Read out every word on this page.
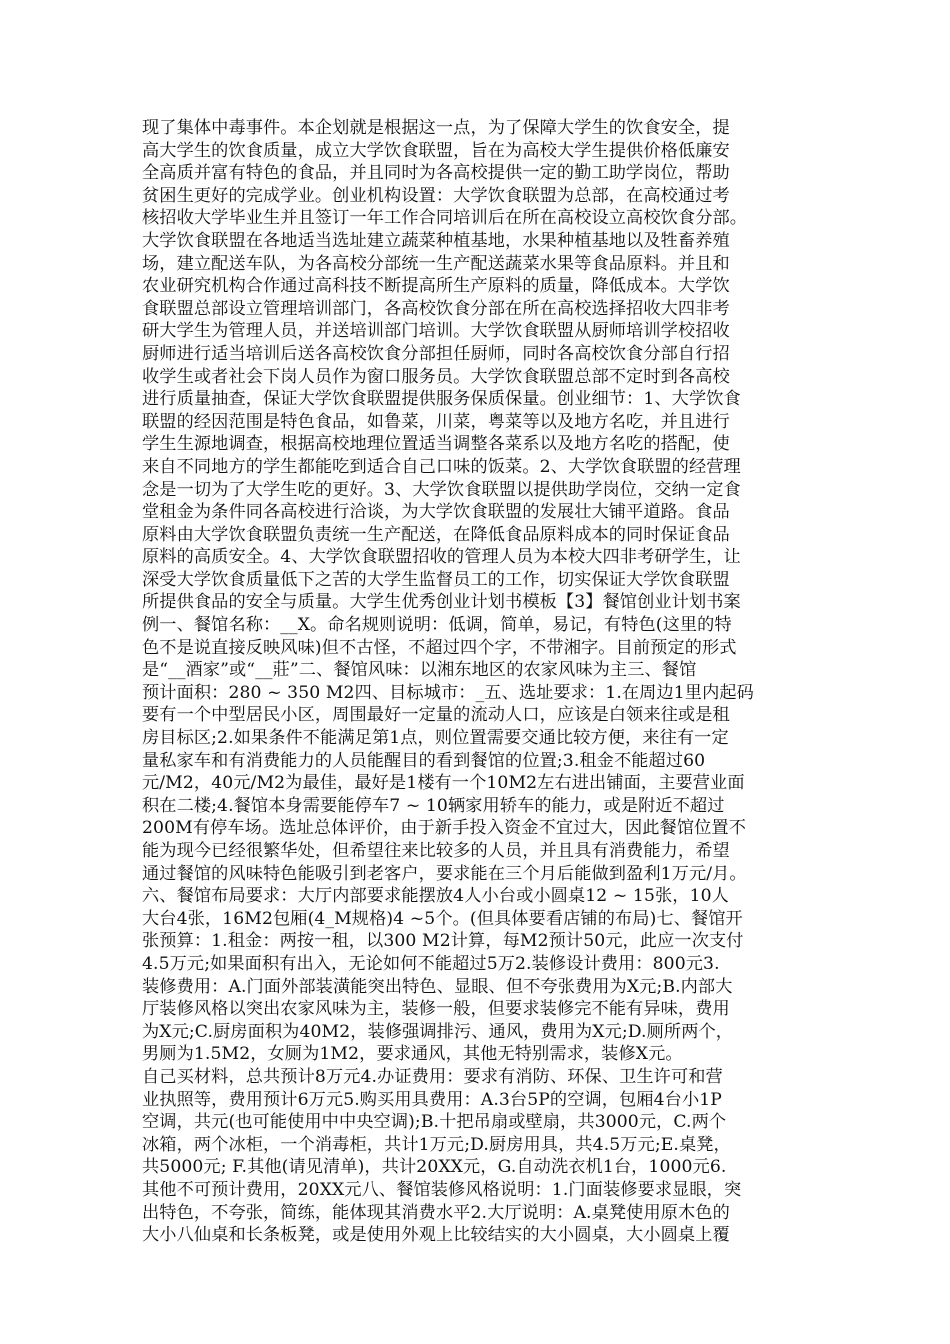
现了集体中毒事件。本企划就是根据这一点，为了保障大学生的饮食安全，提
高大学生的饮食质量，成立大学饮食联盟，旨在为高校大学生提供价格低廉安
全高质并富有特色的食品，并且同时为各高校提供一定的勤工助学岗位，帮助
贫困生更好的完成学业。创业机构设置：大学饮食联盟为总部，在高校通过考
核招收大学毕业生并且签订一年工作合同培训后在所在高校设立高校饮食分部。
大学饮食联盟在各地适当选址建立蔬菜种植基地，水果种植基地以及牲畜养殖
场，建立配送车队，为各高校分部统一生产配送蔬菜水果等食品原料。并且和
农业研究机构合作通过高科技不断提高所生产原料的质量，降低成本。大学饮
食联盟总部设立管理培训部门，各高校饮食分部在所在高校选择招收大四非考
研大学生为管理人员，并送培训部门培训。大学饮食联盟从厨师培训学校招收
厨师进行适当培训后送各高校饮食分部担任厨师，同时各高校饮食分部自行招
收学生或者社会下岗人员作为窗口服务员。大学饮食联盟总部不定时到各高校
进行质量抽查，保证大学饮食联盟提供服务保质保量。创业细节：1、大学饮食
联盟的经因范围是特色食品，如鲁菜，川菜，粤菜等以及地方名吃，并且进行
学生生源地调查，根据高校地理位置适当调整各菜系以及地方名吃的搭配，使
来自不同地方的学生都能吃到适合自己口味的饭菜。2、大学饮食联盟的经营理
念是一切为了大学生吃的更好。3、大学饮食联盟以提供助学岗位，交纳一定食
堂租金为条件同各高校进行洽谈，为大学饮食联盟的发展壮大铺平道路。食品
原料由大学饮食联盟负责统一生产配送，在降低食品原料成本的同时保证食品
原料的高质安全。4、大学饮食联盟招收的管理人员为本校大四非考研学生，让
深受大学饮食质量低下之苦的大学生监督员工的工作，切实保证大学饮食联盟
所提供食品的安全与质量。大学生优秀创业计划书模板【3】餐馆创业计划书案
例一、餐馆名称：__X。命名规则说明：低调，简单，易记，有特色(这里的特
色不是说直接反映风味)但不古怪，不超过四个字，不带湘字。目前预定的形式
是“__酒家”或“__莊”二、餐馆风味：以湘东地区的农家风味为主三、餐馆
预计面积：280 ~ 350 M2四、目标城市：_五、选址要求：1.在周边1里内起码
要有一个中型居民小区，周围最好一定量的流动人口，应该是白领来往或是租
房目标区;2.如果条件不能满足第1点，则位置需要交通比较方便，来往有一定
量私家车和有消费能力的人员能醒目的看到餐馆的位置;3.租金不能超过60
元/M2，40元/M2为最佳，最好是1楼有一个10M2左右进出铺面，主要营业面
积在二楼;4.餐馆本身需要能停车7 ~ 10辆家用轿车的能力，或是附近不超过
200M有停车场。选址总体评价，由于新手投入资金不宜过大，因此餐馆位置不
能为现今已经很繁华处，但希望往来比较多的人员，并且具有消费能力，希望
通过餐馆的风味特色能吸引到老客户，要求能在三个月后能做到盈利1万元/月。
六、餐馆布局要求：大厅内部要求能摆放4人小台或小圆桌12 ~ 15张，10人
大台4张，16M2包厢(4_M规格)4 ~5个。(但具体要看店铺的布局)七、餐馆开
张预算：1.租金：两按一租，以300 M2计算，每M2预计50元，此应一次支付
4.5万元;如果面积有出入，无论如何不能超过5万2.装修设计费用：800元3.
装修费用：A.门面外部装潢能突出特色、显眼、但不夸张费用为X元;B.内部大
厅装修风格以突出农家风味为主，装修一般，但要求装修完不能有异味，费用
为X元;C.厨房面积为40M2，装修强调排污、通风，费用为X元;D.厕所两个，
男厕为1.5M2，女厕为1M2，要求通风，其他无特别需求，装修X元。
自己买材料，总共预计8万元4.办证费用：要求有消防、环保、卫生许可和营
业执照等，费用预计6万元5.购买用具费用：A.3台5P的空调，包厢4台小1P
空调，共元(也可能使用中中央空调);B.十把吊扇或壁扇，共3000元，C.两个
冰箱，两个冰柜，一个消毒柜，共计1万元;D.厨房用具，共4.5万元;E.桌凳，
共5000元; F.其他(请见清单)，共计20XX元，G.自动洗衣机1台，1000元6.
其他不可预计费用，20XX元八、餐馆装修风格说明：1.门面装修要求显眼，突
出特色，不夸张，简练，能体现其消费水平2.大厅说明：A.桌凳使用原木色的
大小八仙桌和长条板凳，或是使用外观上比较结实的大小圆桌，大小圆桌上覆
